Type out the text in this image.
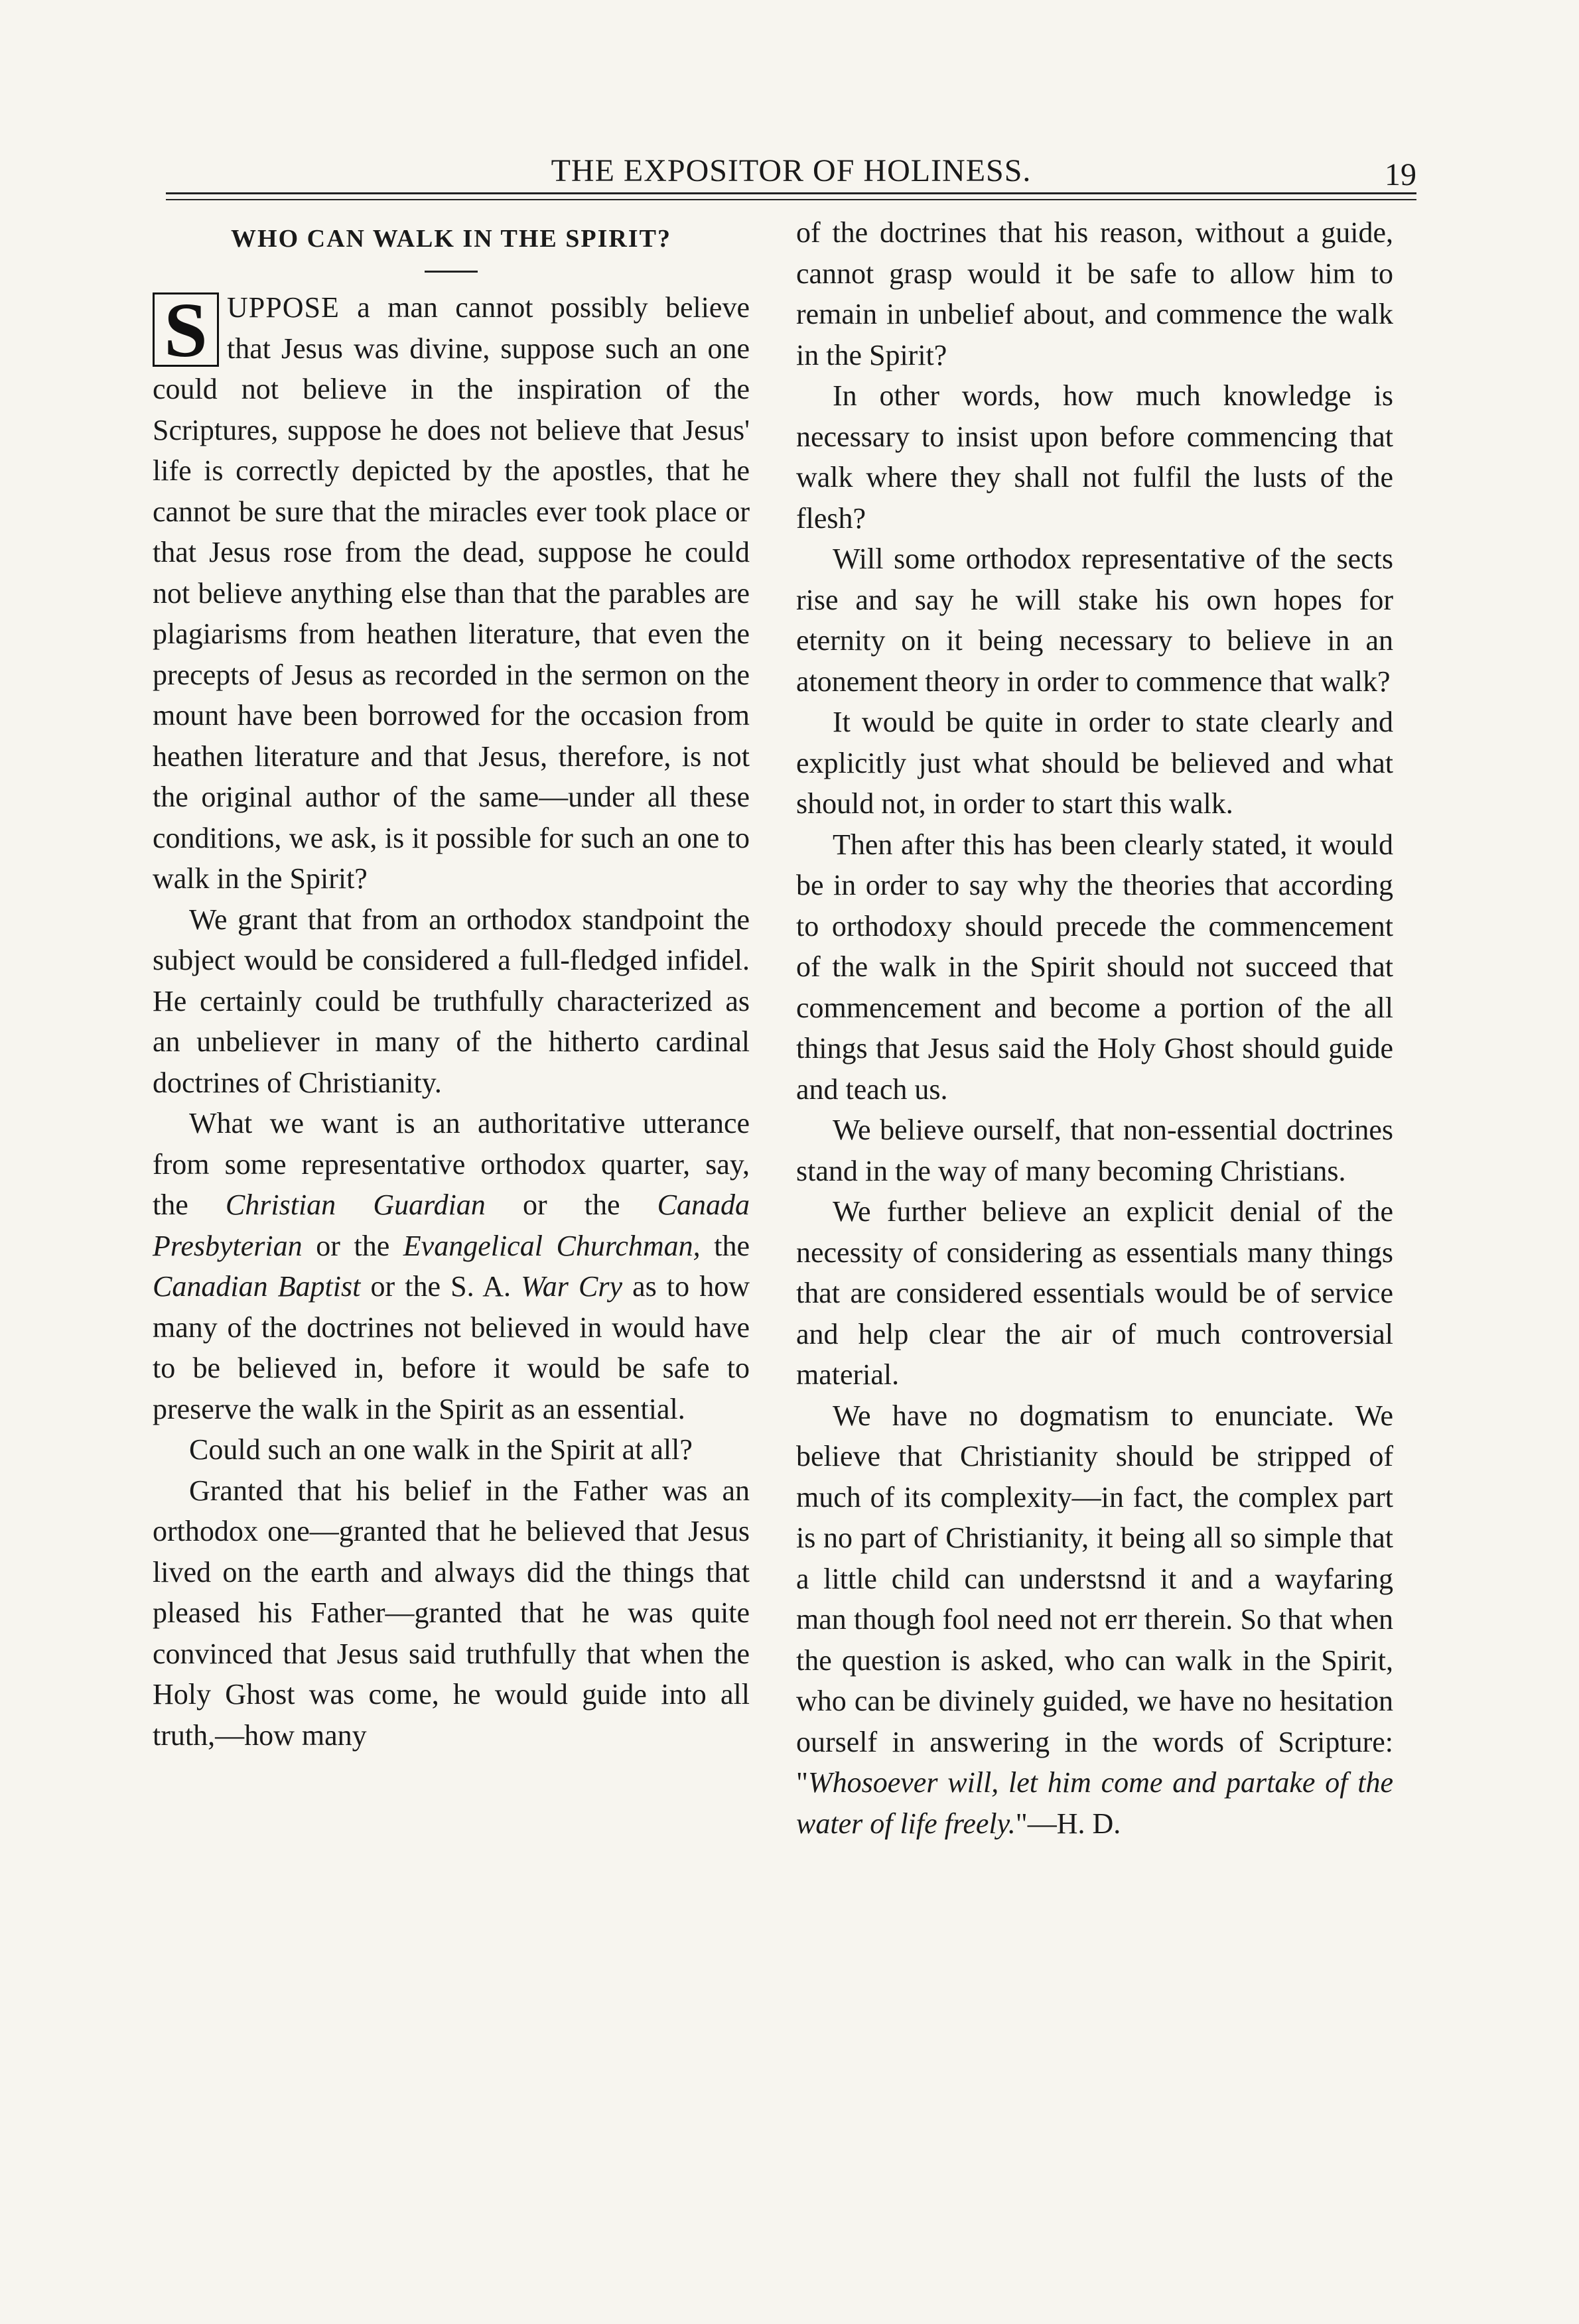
THE EXPOSITOR OF HOLINESS.	19
WHO CAN WALK IN THE SPIRIT?

S UPPOSE a man cannot possibly believe that Jesus was divine, suppose such an one could not believe in the inspiration of the Scriptures, suppose he does not believe that Jesus' life is correctly depicted by the apostles, that he cannot be sure that the miracles ever took place or that Jesus rose from the dead, suppose he could not believe anything else than that the parables are plagiarisms from heathen literature, that even the precepts of Jesus as recorded in the sermon on the mount have been borrowed for the occasion from heathen literature and that Jesus, therefore, is not the original author of the same—under all these conditions, we ask, is it possible for such an one to walk in the Spirit?

We grant that from an orthodox standpoint the subject would be considered a full-fledged infidel. He certainly could be truthfully characterized as an unbeliever in many of the hitherto cardinal doctrines of Christianity.

What we want is an authoritative utterance from some representative orthodox quarter, say, the Christian Guardian or the Canada Presbyterian or the Evangelical Churchman, the Canadian Baptist or the S. A. War Cry as to how many of the doctrines not believed in would have to be believed in, before it would be safe to preserve the walk in the Spirit as an essential.

Could such an one walk in the Spirit at all?

Granted that his belief in the Father was an orthodox one—granted that he believed that Jesus lived on the earth and always did the things that pleased his Father—granted that he was quite convinced that Jesus said truthfully that when the Holy Ghost was come, he would guide into all truth,—how many

of the doctrines that his reason, without a guide, cannot grasp would it be safe to allow him to remain in unbelief about, and commence the walk in the Spirit?

In other words, how much knowledge is necessary to insist upon before commencing that walk where they shall not fulfil the lusts of the flesh?

Will some orthodox representative of the sects rise and say he will stake his own hopes for eternity on it being necessary to believe in an atonement theory in order to commence that walk?

It would be quite in order to state clearly and explicitly just what should be believed and what should not, in order to start this walk.

Then after this has been clearly stated, it would be in order to say why the theories that according to orthodoxy should precede the commencement of the walk in the Spirit should not succeed that commencement and become a portion of the all things that Jesus said the Holy Ghost should guide and teach us.

We believe ourself, that non-essential doctrines stand in the way of many becoming Christians.

We further believe an explicit denial of the necessity of considering as essentials many things that are considered essentials would be of service and help clear the air of much controversial material.

We have no dogmatism to enunciate. We believe that Christianity should be stripped of much of its complexity—in fact, the complex part is no part of Christianity, it being all so simple that a little child can understsnd it and a wayfaring man though fool need not err therein. So that when the question is asked, who can walk in the Spirit, who can be divinely guided, we have no hesitation ourself in answering in the words of Scripture: "Whosoever will, let him come and partake of the water of life freely."—H. D.
